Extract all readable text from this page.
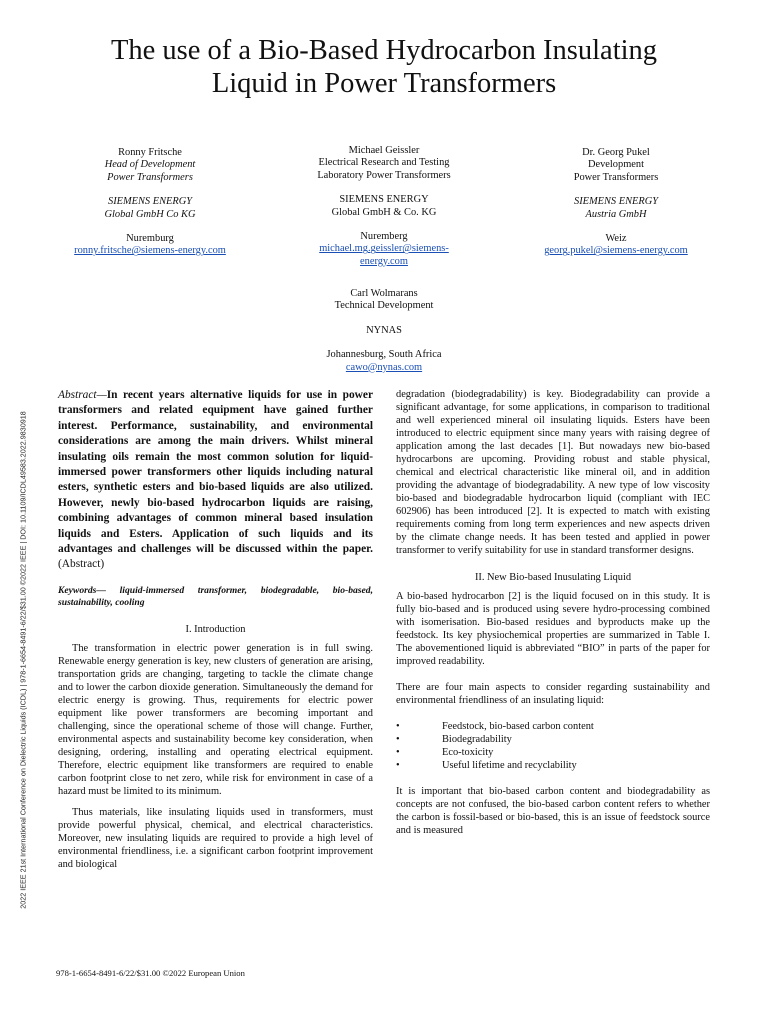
The use of a Bio-Based Hydrocarbon Insulating
Liquid in Power Transformers
Ronny Fritsche
Head of Development
Power Transformers
SIEMENS ENERGY
Global GmbH Co KG
Nuremburg
ronny.fritsche@siemens-energy.com
Michael Geissler
Electrical Research and Testing
Laboratory Power Transformers
SIEMENS ENERGY
Global GmbH & Co. KG
Nuremberg
michael.mg.geissler@siemens-
energy.com
Dr. Georg Pukel
Development
Power Transformers
SIEMENS ENERGY
Austria GmbH
Weiz
georg.pukel@siemens-energy.com
Carl Wolmarans
Technical Development
NYNAS
Johannesburg, South Africa
cawo@nynas.com
2022 IEEE 21st International Conference on Dielectric Liquids (ICDL) | 978-1-6654-8491-6/22/$31.00 ©2022 IEEE | DOI: 10.1109/ICDL49583.2022.9830918
Abstract—In recent years alternative liquids for use in power transformers and related equipment have gained further interest. Performance, sustainability, and environmental considerations are among the main drivers. Whilst mineral insulating oils remain the most common solution for liquid-immersed power transformers other liquids including natural esters, synthetic esters and bio-based liquids are also utilized. However, newly bio-based hydrocarbon liquids are raising, combining advantages of common mineral based insulation liquids and Esters. Application of such liquids and its advantages and challenges will be discussed within the paper. (Abstract)
Keywords— liquid-immersed transformer, biodegradable, bio-based, sustainability, cooling
I. Introduction

The transformation in electric power generation is in full swing. Renewable energy generation is key, new clusters of generation are arising, transportation grids are changing, targeting to tackle the climate change and to lower the carbon dioxide generation. Simultaneously the demand for electric energy is growing. Thus, requirements for electric power equipment like power transformers are becoming important and challenging, since the operational scheme of those will change. Further, environmental aspects and sustainability become key consideration, when designing, ordering, installing and operating electrical equipment. Therefore, electric equipment like transformers are required to enable carbon footprint close to net zero, while risk for environment in case of a hazard must be limited to its minimum.

Thus materials, like insulating liquids used in transformers, must provide powerful physical, chemical, and electrical characteristics. Moreover, new insulating liquids are required to provide a high level of environmental friendliness, i.e. a significant carbon footprint improvement and biological

degradation (biodegradability) is key. Biodegradability can provide a significant advantage, for some applications, in comparison to traditional and well experienced mineral oil insulating liquids. Esters have been introduced to electric equipment since many years with raising degree of application among the last decades [1]. But nowadays new bio-based hydrocarbons are upcoming. Providing robust and stable physical, chemical and electrical characteristic like mineral oil, and in addition providing the advantage of biodegradability. A new type of low viscosity bio-based and biodegradable hydrocarbon liquid (compliant with IEC 602906) has been introduced [2]. It is expected to match with existing requirements coming from long term experiences and new aspects driven by the climate change needs. It has been tested and applied in power transformer to verify suitability for use in standard transformer designs.

II. New Bio-based Inusulating Liquid

A bio-based hydrocarbon [2] is the liquid focused on in this study. It is fully bio-based and is produced using severe hydro-processing combined with isomerisation. Bio-based residues and byproducts make up the feedstock. Its key physiochemical properties are summarized in Table I. The abovementioned liquid is abbreviated “BIO” in parts of the paper for improved readability.

There are four main aspects to consider regarding sustainability and environmental friendliness of an insulating liquid:

•	Feedstock, bio-based carbon content
•	Biodegradability
•	Eco-toxicity
•	Useful lifetime and recyclability

It is important that bio-based carbon content and biodegradability as concepts are not confused, the bio-based carbon content refers to whether the carbon is fossil-based or bio-based, this is an issue of feedstock source and is measured

978-1-6654-8491-6/22/$31.00 ©2022 European Union
